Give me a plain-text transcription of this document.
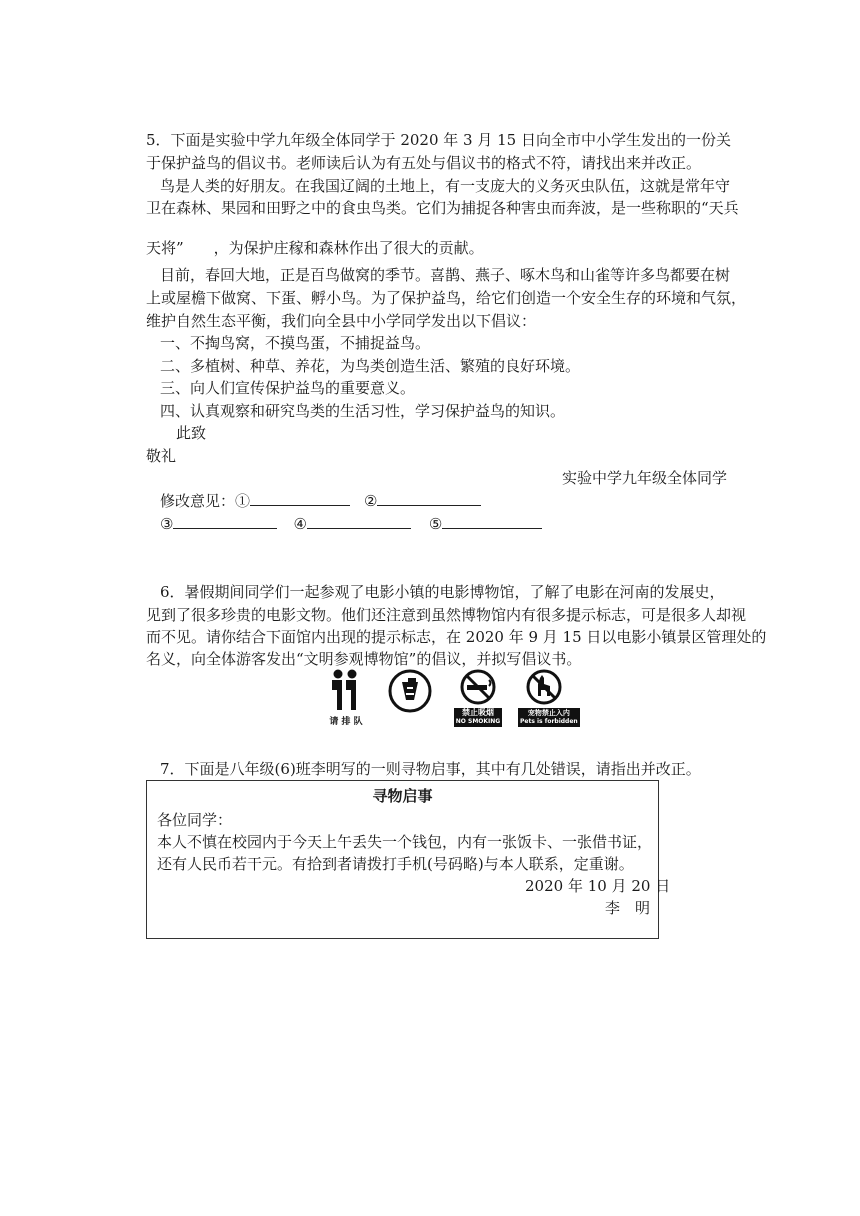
5．下面是实验中学九年级全体同学于 2020 年 3 月 15 日向全市中小学生发出的一份关
于保护益鸟的倡议书。老师读后认为有五处与倡议书的格式不符，请找出来并改正。
鸟是人类的好朋友。在我国辽阔的土地上，有一支庞大的义务灭虫队伍，这就是常年守
卫在森林、果园和田野之中的食虫鸟类。它们为捕捉各种害虫而奔波，是一些称职的“天兵
天将” ，为保护庄稼和森林作出了很大的贡献。
目前，春回大地，正是百鸟做窝的季节。喜鹊、燕子、啄木鸟和山雀等许多鸟都要在树
上或屋檐下做窝、下蛋、孵小鸟。为了保护益鸟，给它们创造一个安全生存的环境和气氛，
维护自然生态平衡，我们向全县中小学同学发出以下倡议：
一、不掏鸟窝，不摸鸟蛋，不捕捉益鸟。
二、多植树、种草、养花，为鸟类创造生活、繁殖的良好环境。
三、向人们宣传保护益鸟的重要意义。
四、认真观察和研究鸟类的生活习性，学习保护益鸟的知识。
此致
敬礼
实验中学九年级全体同学
修改意见：①	②
③	④	⑤
6．暑假期间同学们一起参观了电影小镇的电影博物馆，了解了电影在河南的发展史，
见到了很多珍贵的电影文物。他们还注意到虽然博物馆内有很多提示标志，可是很多人却视
而不见。请你结合下面馆内出现的提示标志，在 2020 年 9 月 15 日以电影小镇景区管理处的
名义，向全体游客发出“文明参观博物馆”的倡议，并拟写倡议书。
请 排 队
禁止吸烟
NO SMOKING
宠物禁止入内
Pets is forbidden
7．下面是八年级(6)班李明写的一则寻物启事，其中有几处错误，请指出并改正。
寻物启事
各位同学：
本人不慎在校园内于今天上午丢失一个钱包，内有一张饭卡、一张借书证，
还有人民币若干元。有拾到者请拨打手机(号码略)与本人联系，定重谢。
2020 年 10 月 20 日
李　明
